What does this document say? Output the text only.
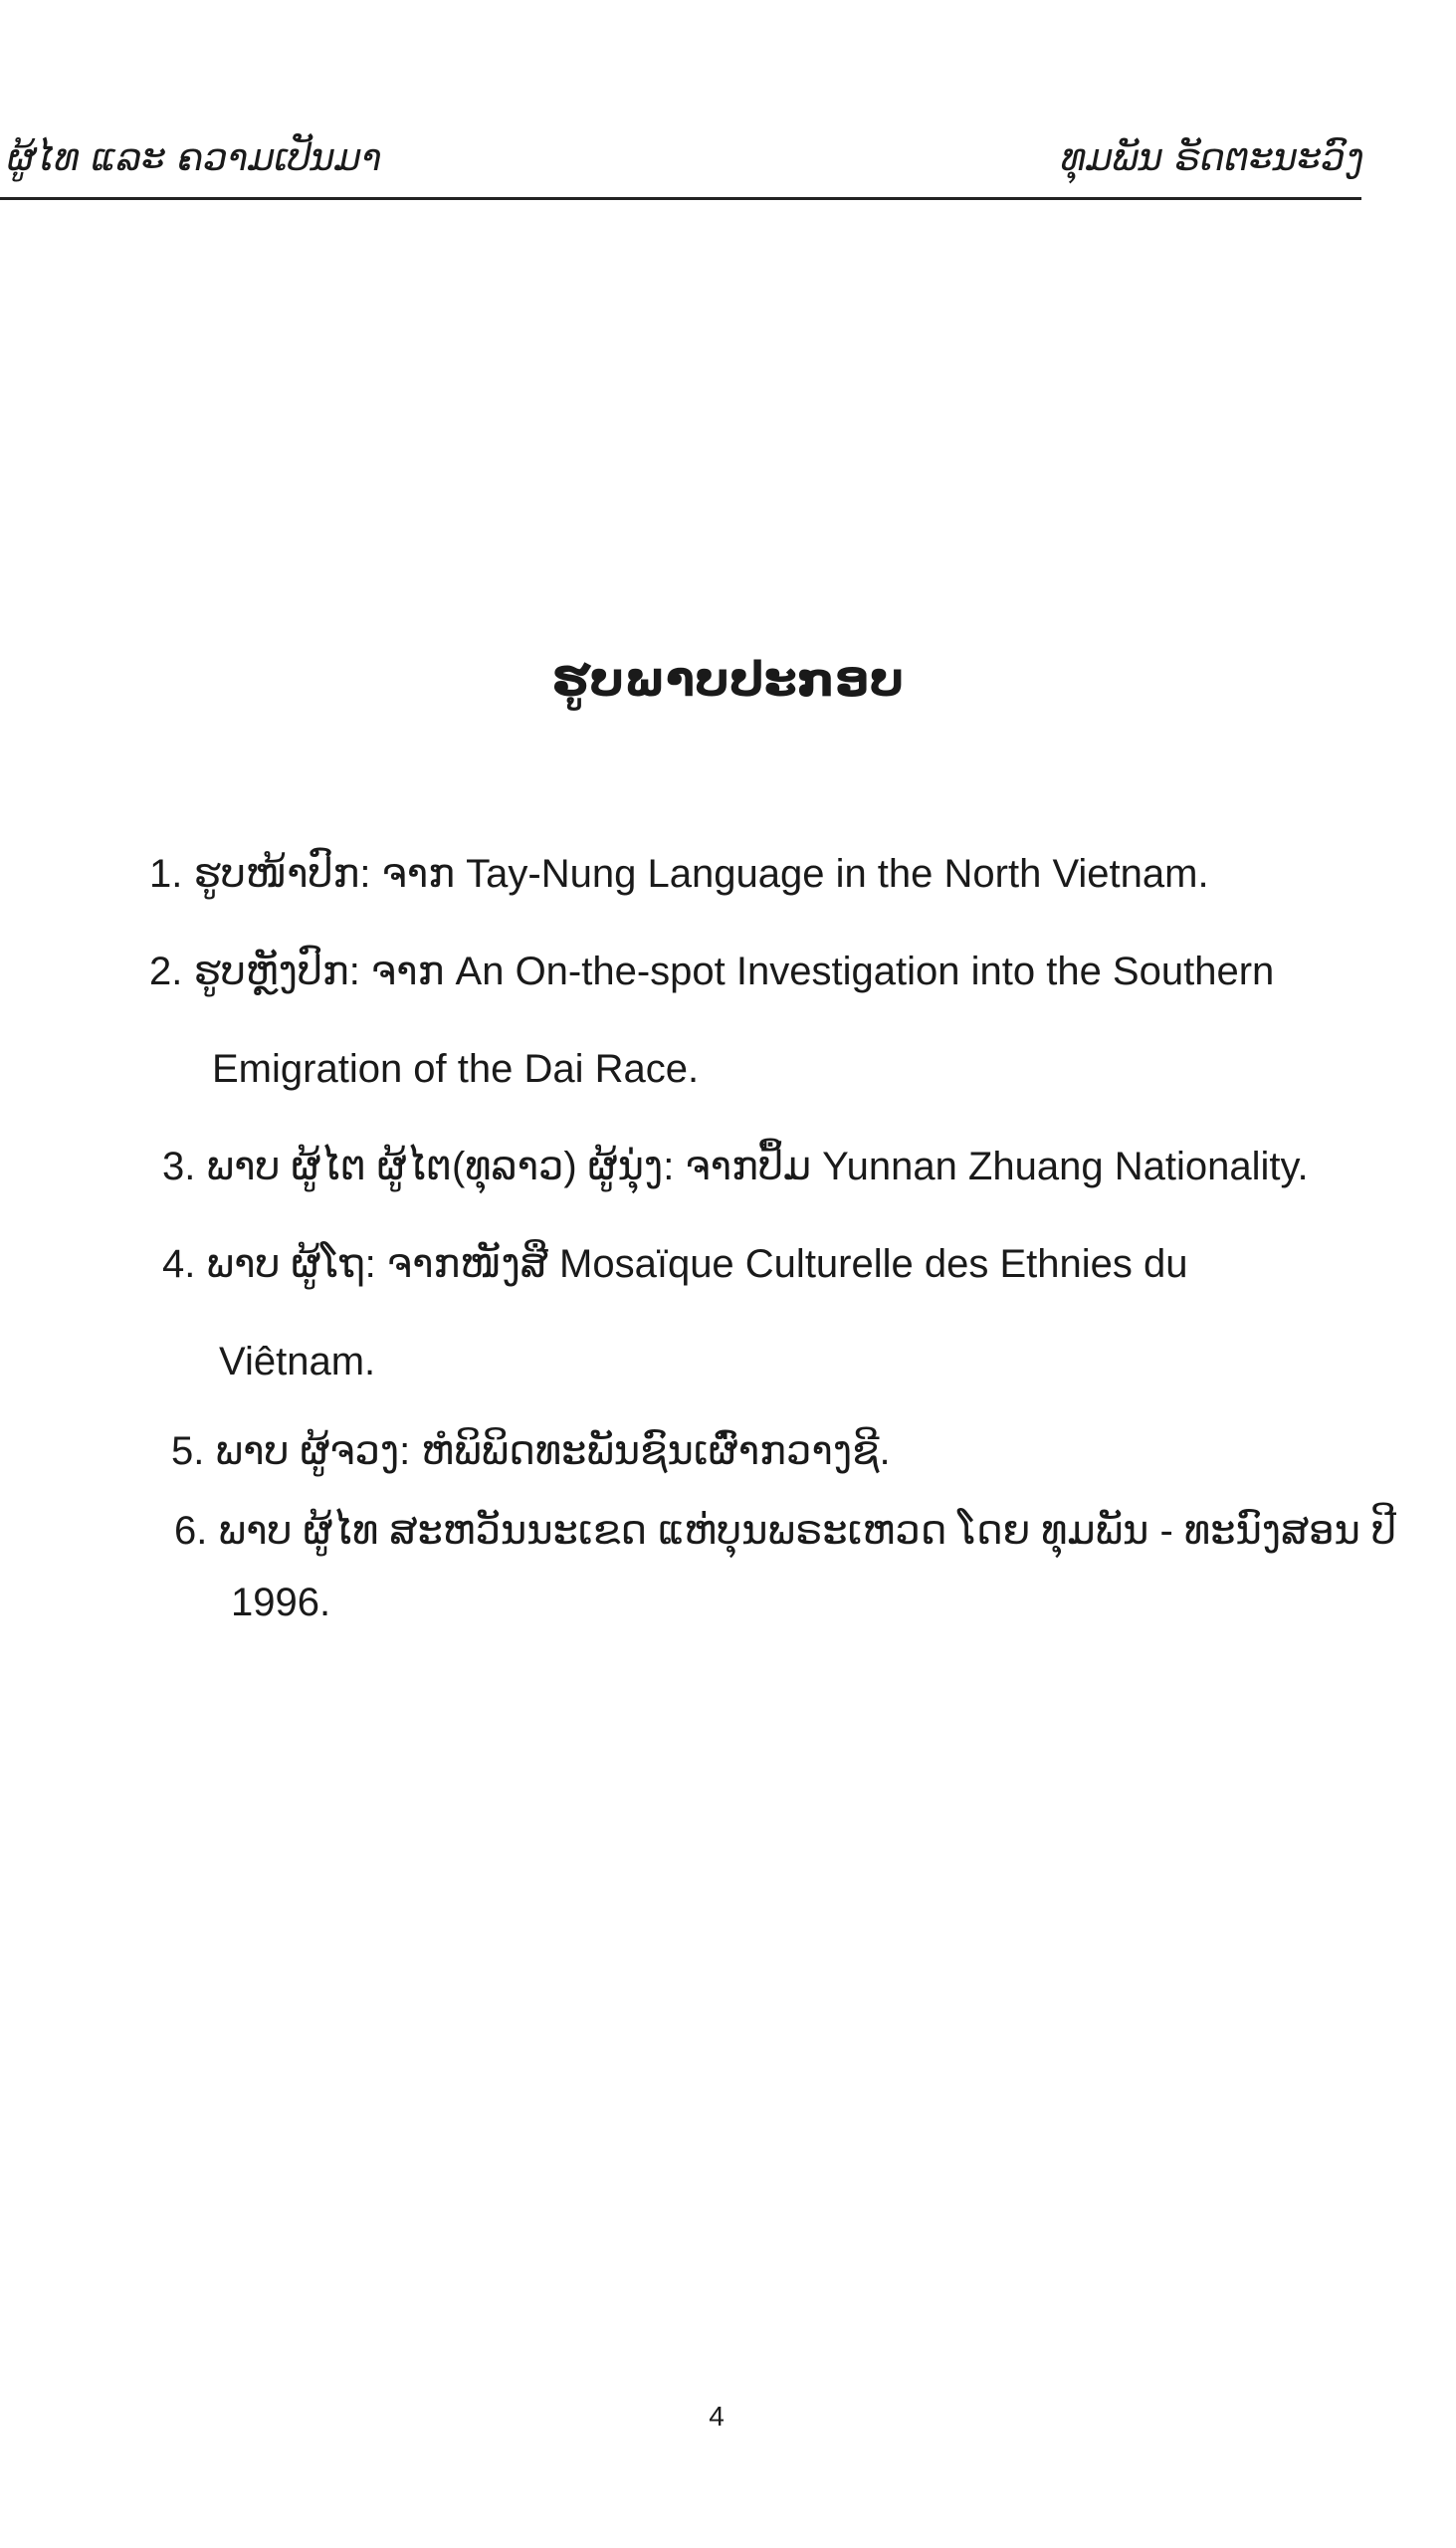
ຜູ້ໄທ ແລະ ຄວາມເປັນມາ	ທຸມພັນ ຣັດຕະນະວົງ
ຮູບພາບປະກອບ
1. ຮູບໜ້າປົກ: ຈາກ Tay-Nung Language in the North Vietnam.
2. ຮູບຫຼັງປົກ: ຈາກ An On-the-spot Investigation into the Southern
Emigration of the Dai Race.
3. ພາບ ຜູ້ໄຕ ຜູ້ໄຕ(ທຸລາວ) ຜູ້ນຸ່ງ: ຈາກປຶ້ມ Yunnan Zhuang Nationality.
4. ພາບ ຜູ້ໂຖ: ຈາກໜັງສື Mosaïque Culturelle des Ethnies du
Viêtnam.
5. ພາບ ຜູ້ຈວງ: ຫໍພິພິດທະພັນຊົນເຜົ່າກວາງຊີ.
6. ພາບ ຜູ້ໄທ ສະຫວັນນະເຂດ ແຫ່ບຸນພຣະເຫວດ ໂດຍ ທຸມພັນ - ທະນົງສອນ ປີ
1996.
4
